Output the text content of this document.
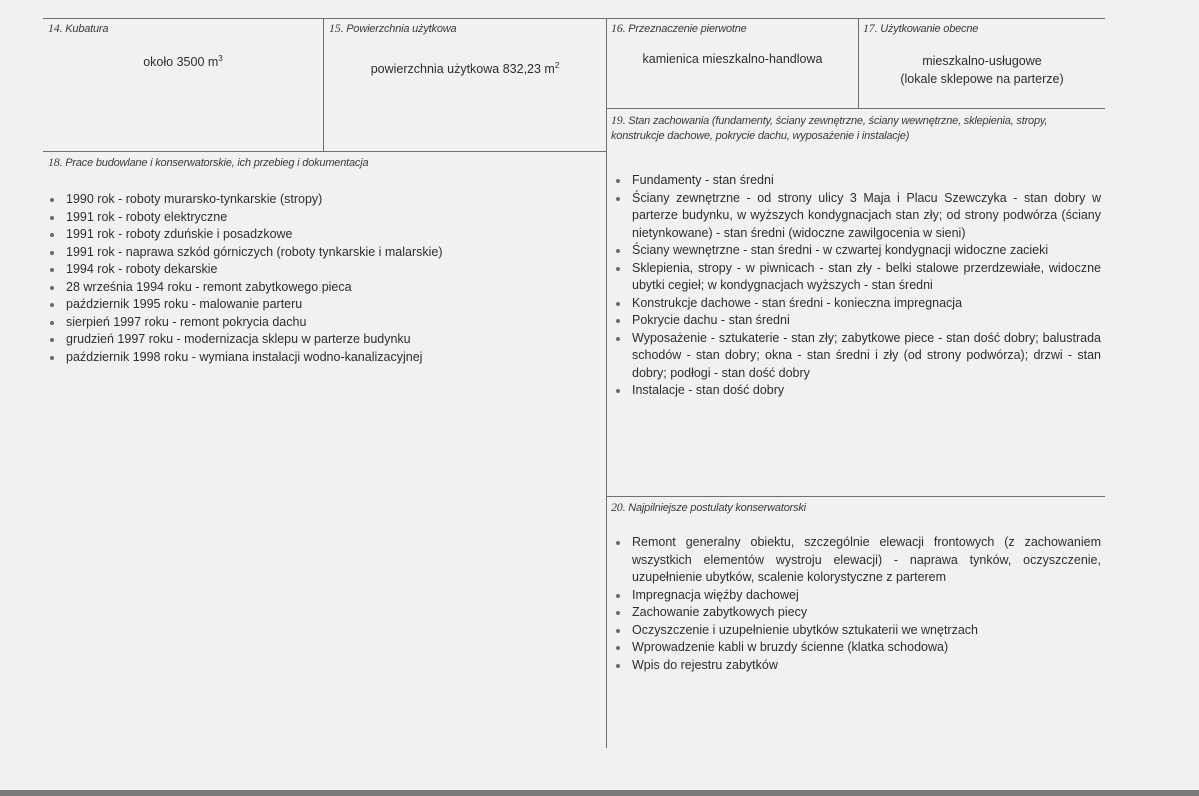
14. Kubatura
około 3500 $m^3$
15. Powierzchnia użytkowa
powierzchnia użytkowa 832,23 $m^2$
16. Przeznaczenie pierwotne
kamienica mieszkalno-handlowa
17. Użytkowanie obecne
mieszkalno-usługowe
(lokale sklepowe na parterze)
19. Stan zachowania (fundamenty, ściany zewnętrzne, ściany wewnętrzne, sklepienia, stropy, konstrukcje dachowe, pokrycie dachu, wyposażenie i instalacje)
Fundamenty - stan średni
Ściany zewnętrzne - od strony ulicy 3 Maja i Placu Szewczyka - stan dobry w parterze budynku, w wyższych kondygnacjach stan zły; od strony podwórza (ściany nietynkowane) - stan średni (widoczne zawilgocenia w sieni)
Ściany wewnętrzne - stan średni - w czwartej kondygnacji widoczne zacieki
Sklepienia, stropy - w piwnicach - stan zły - belki stalowe przerdzewiałe, widoczne ubytki cegieł; w kondygnacjach wyższych - stan średni
Konstrukcje dachowe - stan średni - konieczna impregnacja
Pokrycie dachu - stan średni
Wyposażenie - sztukaterie - stan zły; zabytkowe piece - stan dość dobry; balustrada schodów - stan dobry; okna - stan średni i zły (od strony podwórza); drzwi - stan dobry; podłogi - stan dość dobry
Instalacje - stan dość dobry
18. Prace budowlane i konserwatorskie, ich przebieg i dokumentacja
1990 rok - roboty murarsko-tynkarskie (stropy)
1991 rok - roboty elektryczne
1991 rok - roboty zduńskie i posadzkowe
1991 rok - naprawa szkód górniczych (roboty tynkarskie i malarskie)
1994 rok - roboty dekarskie
28 września 1994 roku - remont zabytkowego pieca
październik 1995 roku - malowanie parteru
sierpień 1997 roku - remont pokrycia dachu
grudzień 1997 roku - modernizacja sklepu w parterze budynku
październik 1998 roku - wymiana instalacji wodno-kanalizacyjnej
20. Najpilniejsze postulaty konserwatorski
Remont generalny obiektu, szczególnie elewacji frontowych (z zachowaniem wszystkich elementów wystroju elewacji) - naprawa tynków, oczyszczenie, uzupełnienie ubytków, scalenie kolorystyczne z parterem
Impregnacja więźby dachowej
Zachowanie zabytkowych piecy
Oczyszczenie i uzupełnienie ubytków sztukaterii we wnętrzach
Wprowadzenie kabli w bruzdy ścienne (klatka schodowa)
Wpis do rejestru zabytków
